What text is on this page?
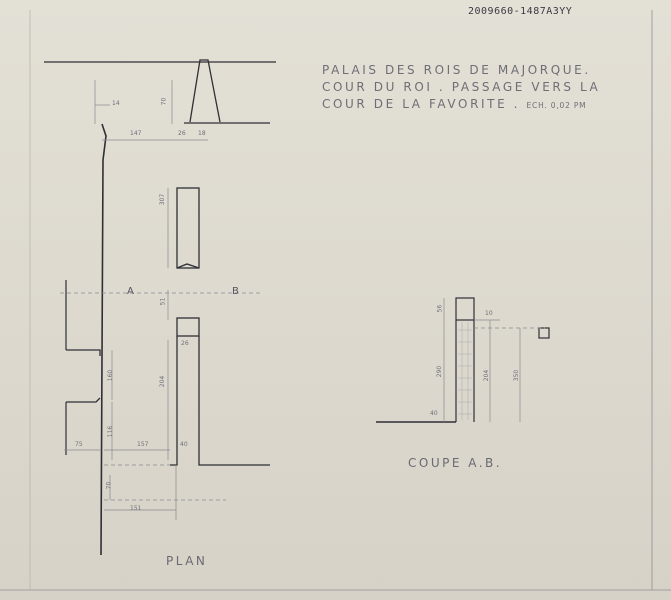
2009660-1487A3YY
PALAIS DES ROIS DE MAJORQUE.
COUR DU ROI . PASSAGE VERS LA
COUR DE LA FAVORITE . ECH. 0,02 PM
A	B
14	70
147	26 18
307
51
26
204
160
116
75	157	40
70
151
56
10
290	204	350
40
PLAN
COUPE A.B.
